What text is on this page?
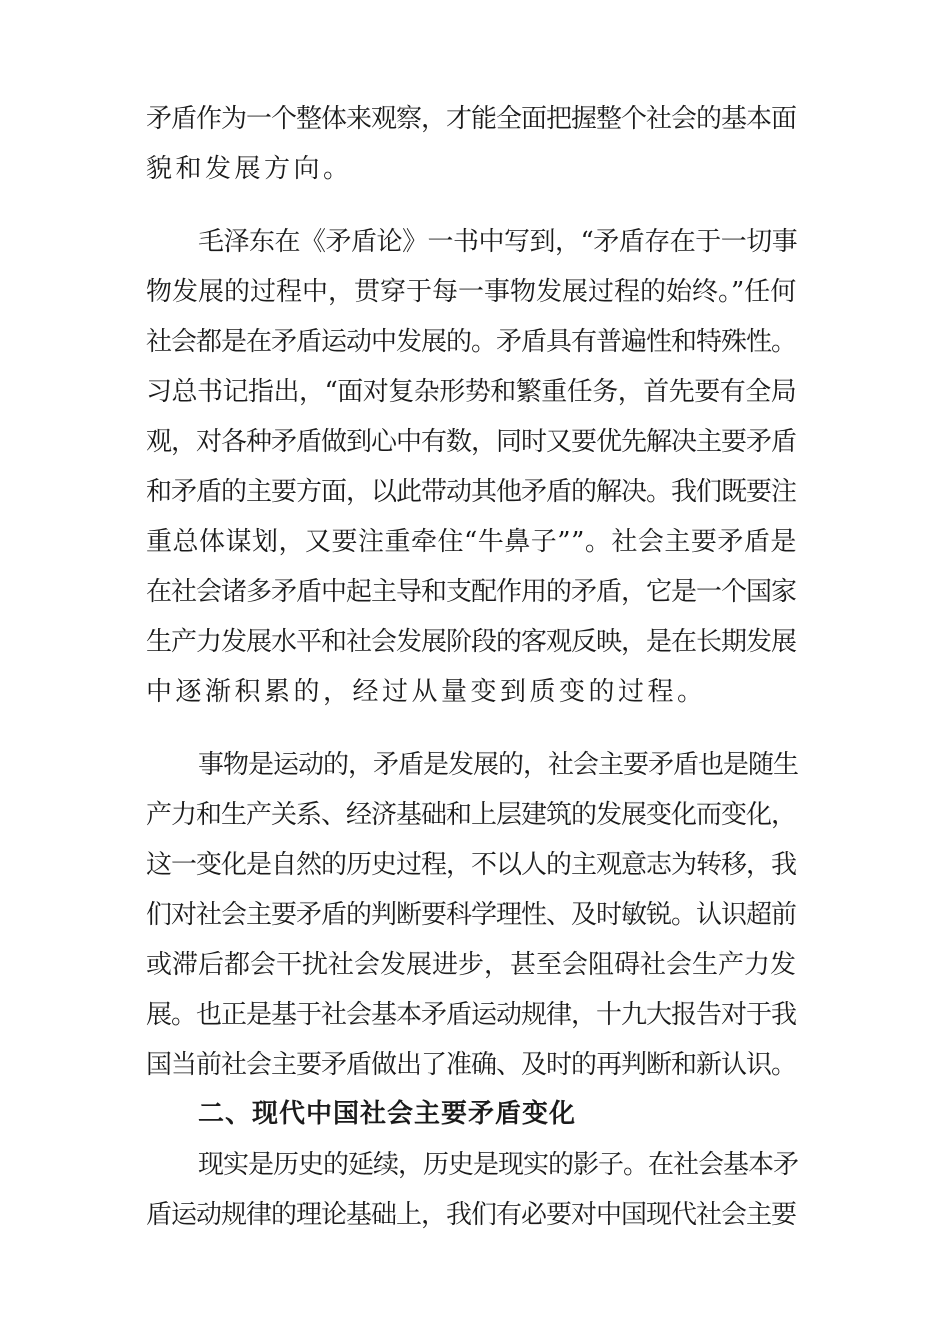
矛盾作为一个整体来观察，才能全面把握整个社会的基本面
貌和发展方向。
毛泽东在《矛盾论》一书中写到，“矛盾存在于一切事
物发展的过程中，贯穿于每一事物发展过程的始终。”任何
社会都是在矛盾运动中发展的。矛盾具有普遍性和特殊性。
习总书记指出，“面对复杂形势和繁重任务，首先要有全局
观，对各种矛盾做到心中有数，同时又要优先解决主要矛盾
和矛盾的主要方面，以此带动其他矛盾的解决。我们既要注
重总体谋划，又要注重牵住“牛鼻子””。社会主要矛盾是
在社会诸多矛盾中起主导和支配作用的矛盾，它是一个国家
生产力发展水平和社会发展阶段的客观反映，是在长期发展
中逐渐积累的，经过从量变到质变的过程。
事物是运动的，矛盾是发展的，社会主要矛盾也是随生
产力和生产关系、经济基础和上层建筑的发展变化而变化，
这一变化是自然的历史过程，不以人的主观意志为转移，我
们对社会主要矛盾的判断要科学理性、及时敏锐。认识超前
或滞后都会干扰社会发展进步，甚至会阻碍社会生产力发
展。也正是基于社会基本矛盾运动规律，十九大报告对于我
国当前社会主要矛盾做出了准确、及时的再判断和新认识。
二、现代中国社会主要矛盾变化
现实是历史的延续，历史是现实的影子。在社会基本矛
盾运动规律的理论基础上，我们有必要对中国现代社会主要
